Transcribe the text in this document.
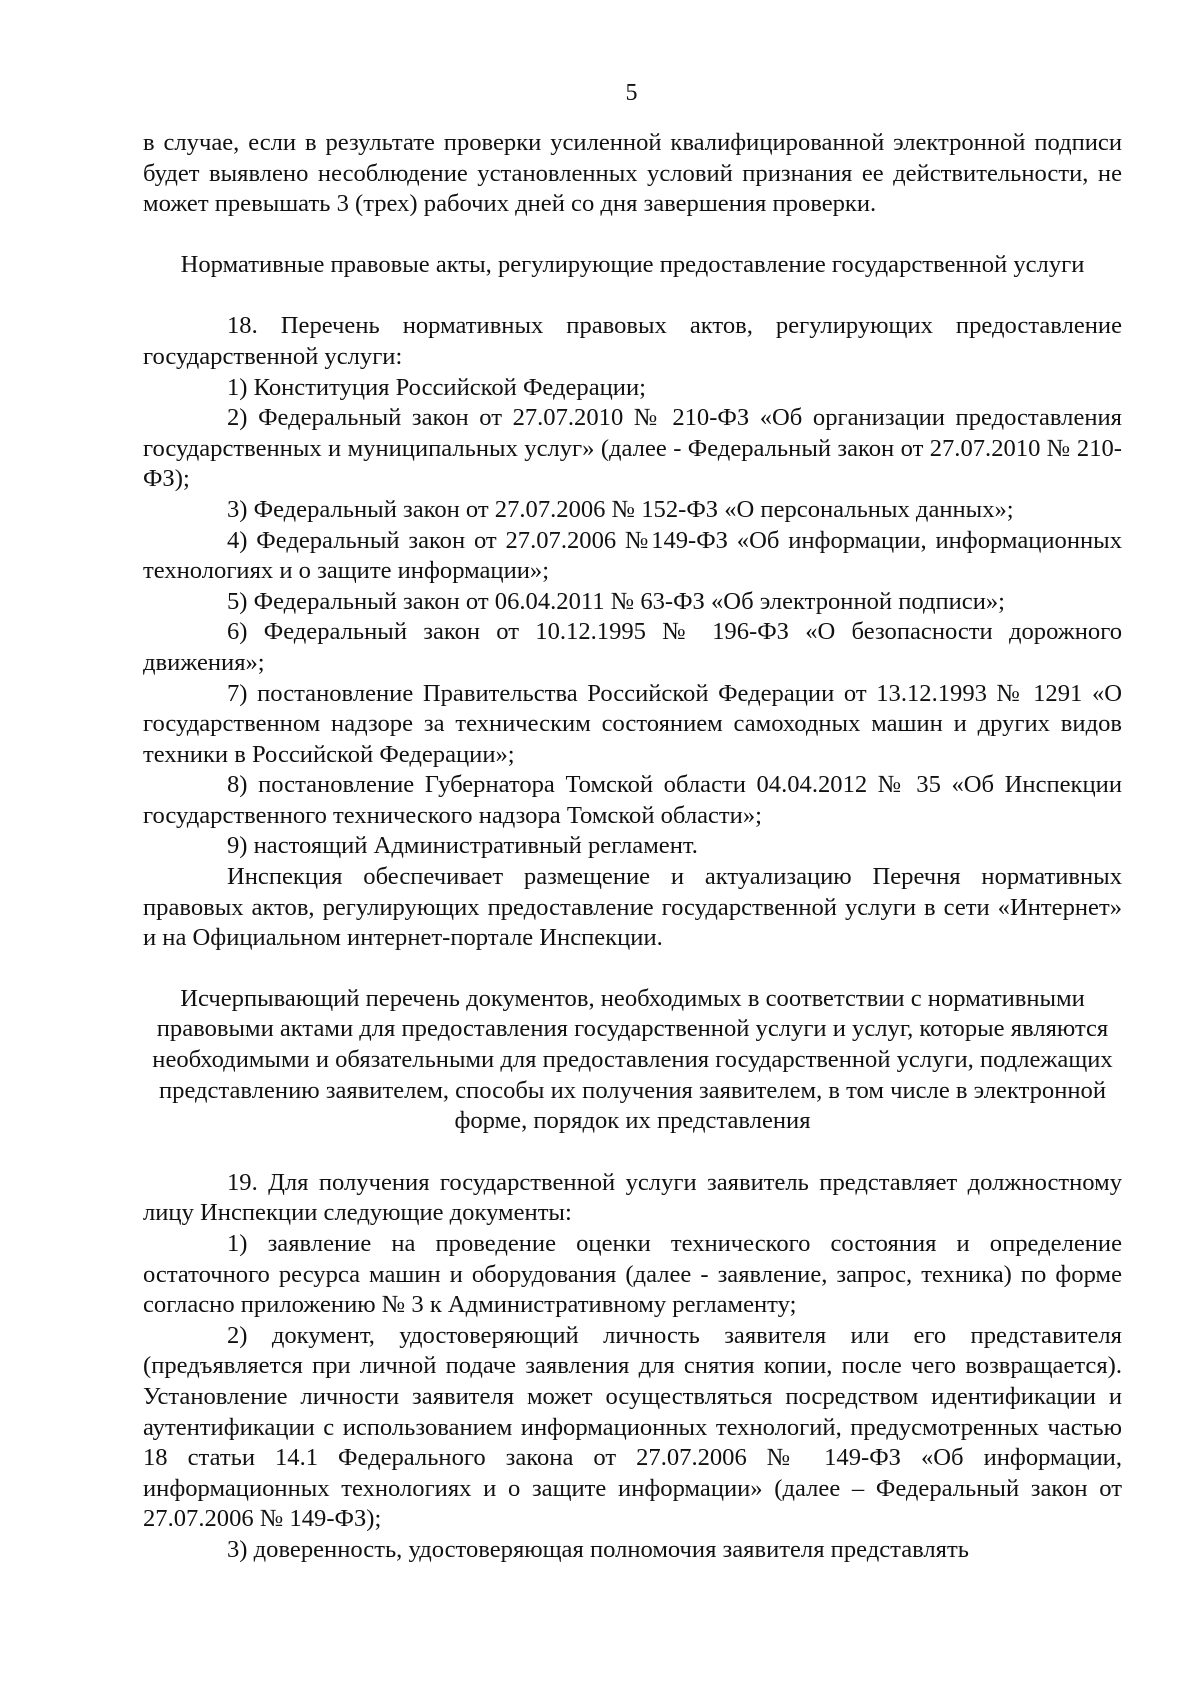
5

в случае, если в результате проверки усиленной квалифицированной электронной подписи будет выявлено несоблюдение установленных условий признания ее действительности, не может превышать 3 (трех) рабочих дней со дня завершения проверки.

Нормативные правовые акты, регулирующие предоставление государственной услуги

18. Перечень нормативных правовых актов, регулирующих предоставление государственной услуги:

1) Конституция Российской Федерации;

2) Федеральный закон от 27.07.2010 № 210-ФЗ «Об организации предоставления государственных и муниципальных услуг» (далее - Федеральный закон от 27.07.2010 № 210-ФЗ);

3) Федеральный закон от 27.07.2006 № 152-ФЗ «О персональных данных»;

4) Федеральный закон от 27.07.2006 №149-ФЗ «Об информации, информационных технологиях и о защите информации»;

5) Федеральный закон от 06.04.2011 № 63-ФЗ «Об электронной подписи»;

6) Федеральный закон от 10.12.1995 № 196-ФЗ «О безопасности дорожного движения»;

7) постановление Правительства Российской Федерации от 13.12.1993 № 1291 «О государственном надзоре за техническим состоянием самоходных машин и других видов техники в Российской Федерации»;

8) постановление Губернатора Томской области 04.04.2012 № 35 «Об Инспекции государственного технического надзора Томской области»;

9) настоящий Административный регламент.

Инспекция обеспечивает размещение и актуализацию Перечня нормативных правовых актов, регулирующих предоставление государственной услуги в сети «Интернет» и на Официальном интернет-портале Инспекции.

Исчерпывающий перечень документов, необходимых в соответствии с нормативными правовыми актами для предоставления государственной услуги и услуг, которые являются необходимыми и обязательными для предоставления государственной услуги, подлежащих представлению заявителем, способы их получения заявителем, в том числе в электронной форме, порядок их представления

19. Для получения государственной услуги заявитель представляет должностному лицу Инспекции следующие документы:

1) заявление на проведение оценки технического состояния и определение остаточного ресурса машин и оборудования (далее - заявление, запрос, техника) по форме согласно приложению № 3 к Административному регламенту;

2) документ, удостоверяющий личность заявителя или его представителя (предъявляется при личной подаче заявления для снятия копии, после чего возвращается). Установление личности заявителя может осуществляться посредством идентификации и аутентификации с использованием информационных технологий, предусмотренных частью 18 статьи 14.1 Федерального закона от 27.07.2006 № 149-ФЗ «Об информации, информационных технологиях и о защите информации» (далее – Федеральный закон от 27.07.2006 № 149-ФЗ);

3) доверенность, удостоверяющая полномочия заявителя представлять
